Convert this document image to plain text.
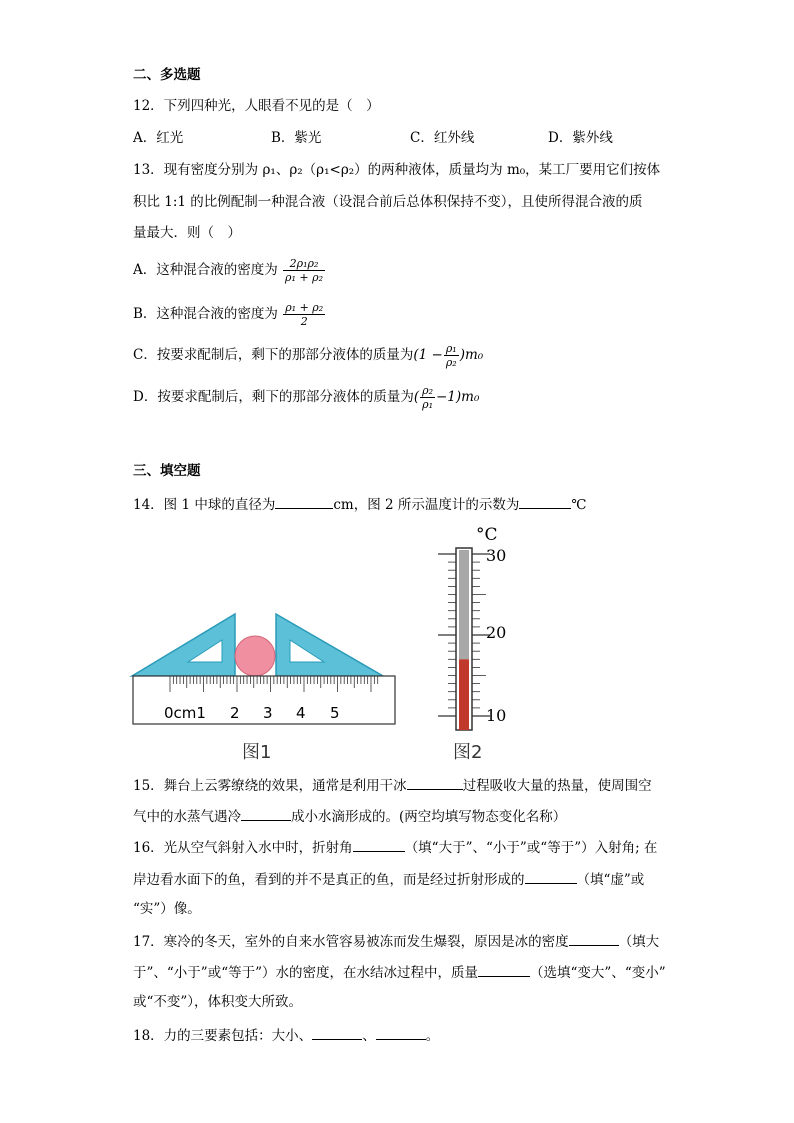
二、多选题
12．下列四种光，人眼看不见的是（　）
A．红光	B．紫光	C．红外线	D．紫外线
13．现有密度分别为 ρ₁、ρ₂（ρ₁<ρ₂）的两种液体，质量均为 m₀，某工厂要用它们按体
积比 1:1 的比例配制一种混合液（设混合前后总体积保持不变），且使所得混合液的质
量最大．则（　）
A．这种混合液的密度为 $\frac{\text{2ρ₁ρ₂}}{\text{ρ₁ + ρ₂}}$
B．这种混合液的密度为 $\frac{\text{ρ₁ + ρ₂}}{2}$
C．按要求配制后，剩下的那部分液体的质量为$(1 - \frac{\text{ρ₁}}{\text{ρ₂}} )m_0$
D．按要求配制后，剩下的那部分液体的质量为( $\frac{\text{ρ₂}}{\text{ρ₁}} -1)m_0$
三、填空题
14．图 1 中球的直径为	cm，图 2 所示温度计的示数为	℃
0cm1 2 3 4 5
图1
°C
30
20
10
图2
15．舞台上云雾缭绕的效果，通常是利用干冰	过程吸收大量的热量，使周围空
气中的水蒸气遇冷	成小水滴形成的。(两空均填写物态变化名称）
16．光从空气斜射入水中时，折射角	（填“大于”、“小于”或“等于”）入射角; 在
岸边看水面下的鱼，看到的并不是真正的鱼，而是经过折射形成的	（填“虚”或
“实”）像。
17．寒冷的冬天，室外的自来水管容易被冻而发生爆裂，原因是冰的密度	（填大
于”、“小于”或“等于”）水的密度，在水结冰过程中，质量	（选填“变大”、“变小”
或“不变”），体积变大所致。
18．力的三要素包括：大小、	、	。
